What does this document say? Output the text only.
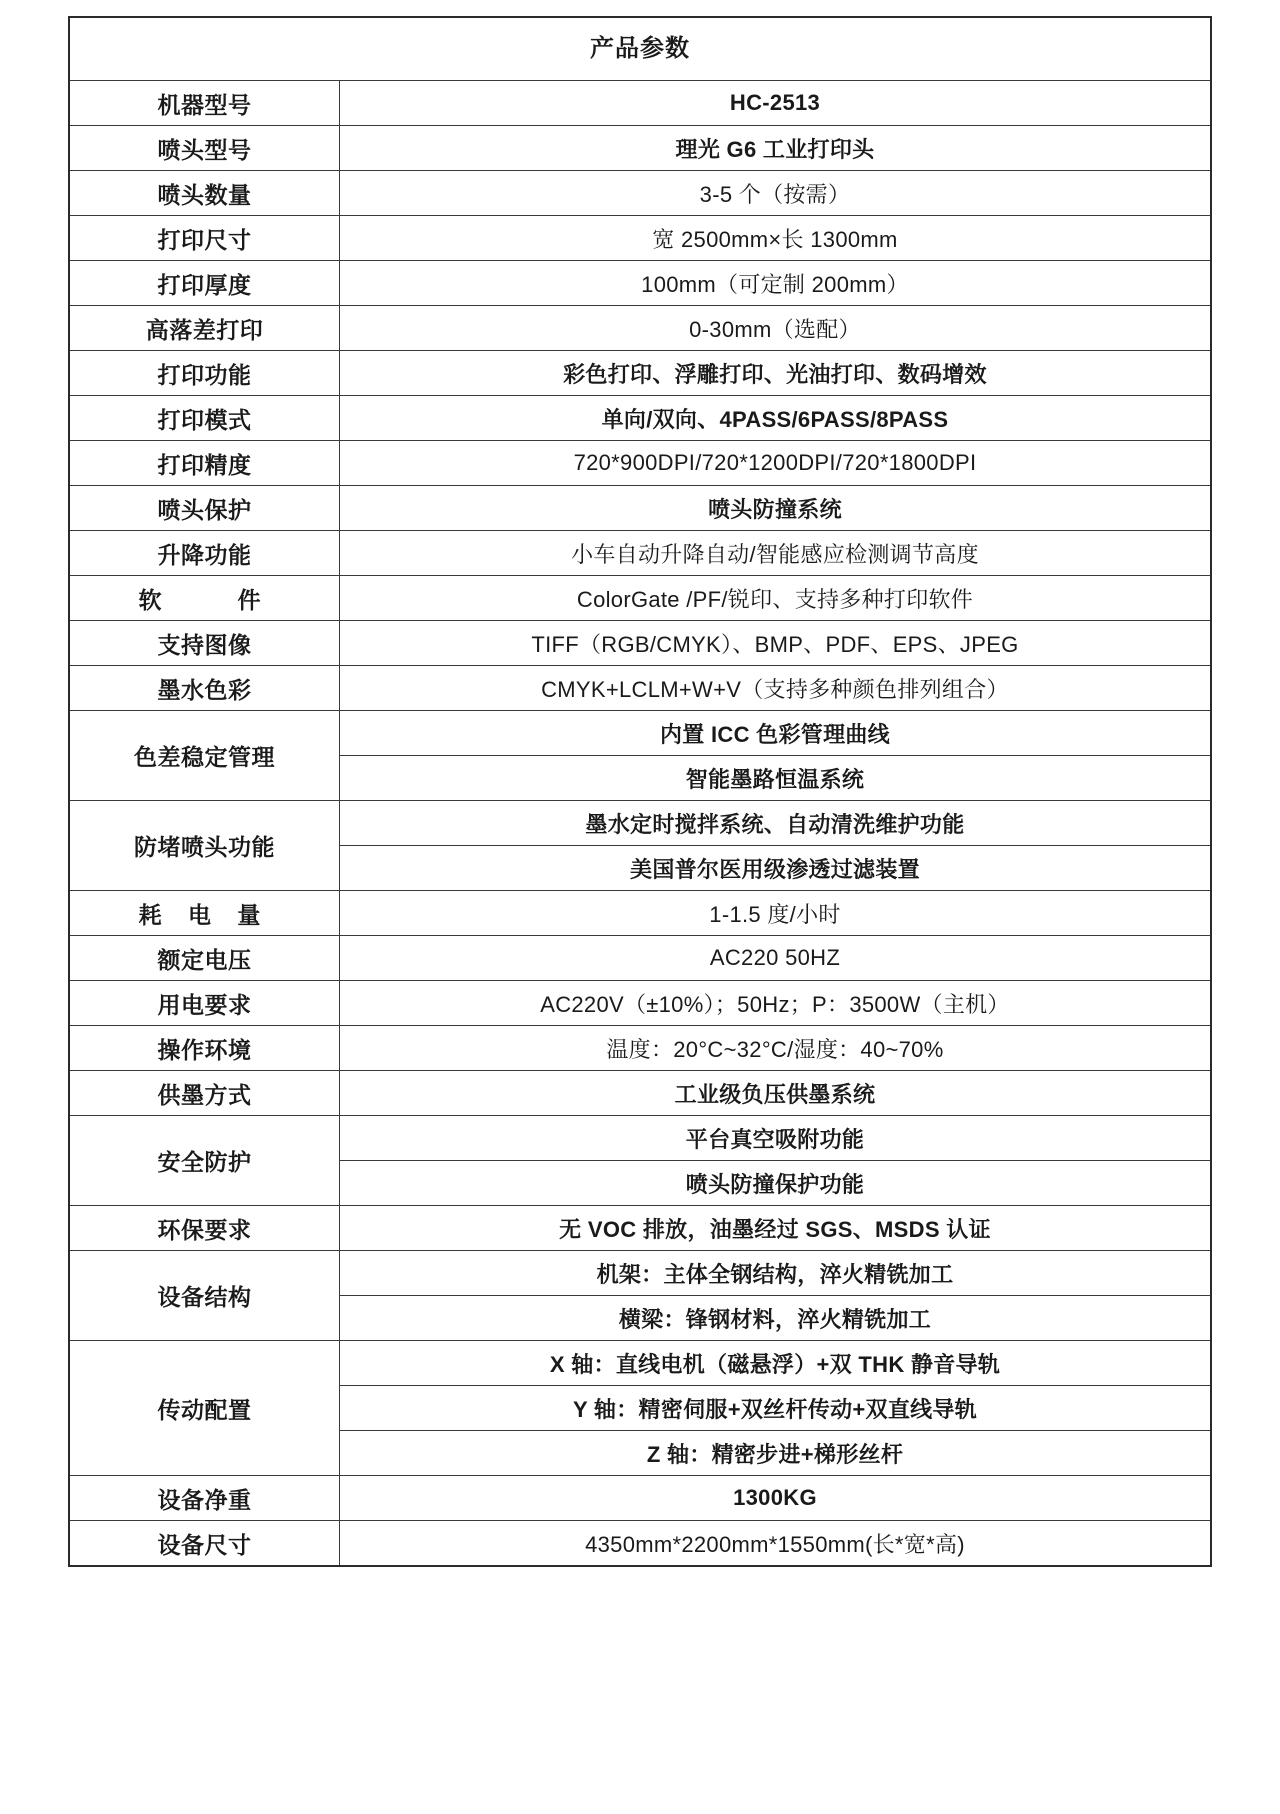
产品参数	
机器型号	HC-2513
喷头型号	理光 G6 工业打印头
喷头数量	3-5 个（按需）
打印尺寸	宽 2500mm×长 1300mm
打印厚度	100mm（可定制 200mm）
高落差打印	0-30mm（选配）
打印功能	彩色打印、浮雕打印、光油打印、数码增效
打印模式	单向/双向、4PASS/6PASS/8PASS
打印精度	720*900DPI/720*1200DPI/720*1800DPI
喷头保护	喷头防撞系统
升降功能	小车自动升降自动/智能感应检测调节高度
软　　件	ColorGate /PF/锐印、支持多种打印软件
支持图像	TIFF（RGB/CMYK）、BMP、PDF、EPS、JPEG
墨水色彩	CMYK+LCLM+W+V（支持多种颜色排列组合）
色差稳定管理	内置 ICC 色彩管理曲线
	智能墨路恒温系统
防堵喷头功能	墨水定时搅拌系统、自动清洗维护功能
	美国普尔医用级渗透过滤装置
耗 电 量	1-1.5 度/小时
额定电压	AC220 50HZ
用电要求	AC220V（±10%）；50Hz；P：3500W（主机）
操作环境	温度：20°C~32°C/湿度：40~70%
供墨方式	工业级负压供墨系统
安全防护	平台真空吸附功能
	喷头防撞保护功能
环保要求	无 VOC 排放，油墨经过 SGS、MSDS 认证
设备结构	机架：主体全钢结构，淬火精铣加工
	横梁：锋钢材料，淬火精铣加工
传动配置	X 轴：直线电机（磁悬浮）+双 THK 静音导轨
	Y 轴：精密伺服+双丝杆传动+双直线导轨
	Z 轴：精密步进+梯形丝杆
设备净重	1300KG
设备尺寸	4350mm*2200mm*1550mm(长*宽*高)
